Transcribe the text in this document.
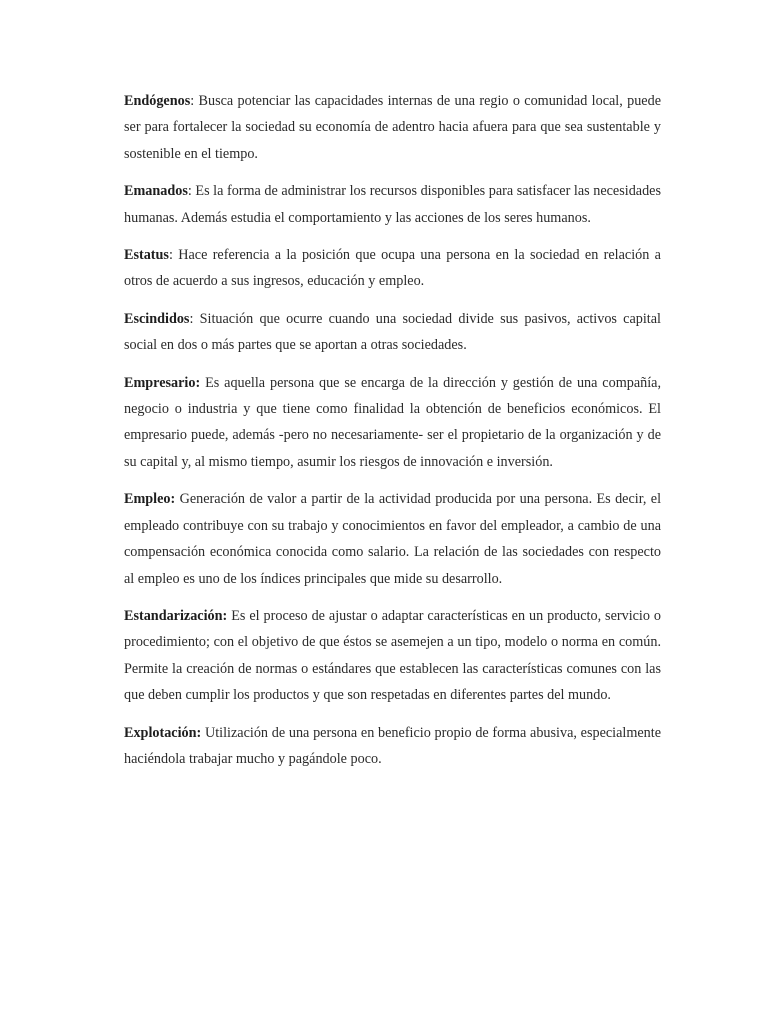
Endógenos: Busca potenciar las capacidades internas de una regio o comunidad local, puede ser para fortalecer la sociedad su economía de adentro hacia afuera para que sea sustentable y sostenible en el tiempo.

Emanados: Es la forma de administrar los recursos disponibles para satisfacer las necesidades humanas. Además estudia el comportamiento y las acciones de los seres humanos.

Estatus: Hace referencia a la posición que ocupa una persona en la sociedad en relación a otros de acuerdo a sus ingresos, educación y empleo.

Escindidos: Situación que ocurre cuando una sociedad divide sus pasivos, activos capital social en dos o más partes que se aportan a otras sociedades.

Empresario: Es aquella persona que se encarga de la dirección y gestión de una compañía, negocio o industria y que tiene como finalidad la obtención de beneficios económicos. El empresario puede, además -pero no necesariamente- ser el propietario de la organización y de su capital y, al mismo tiempo, asumir los riesgos de innovación e inversión.

Empleo: Generación de valor a partir de la actividad producida por una persona. Es decir, el empleado contribuye con su trabajo y conocimientos en favor del empleador, a cambio de una compensación económica conocida como salario. La relación de las sociedades con respecto al empleo es uno de los índices principales que mide su desarrollo.

Estandarización: Es el proceso de ajustar o adaptar características en un producto, servicio o procedimiento; con el objetivo de que éstos se asemejen a un tipo, modelo o norma en común. Permite la creación de normas o estándares que establecen las características comunes con las que deben cumplir los productos y que son respetadas en diferentes partes del mundo.

Explotación: Utilización de una persona en beneficio propio de forma abusiva, especialmente haciéndola trabajar mucho y pagándole poco.
